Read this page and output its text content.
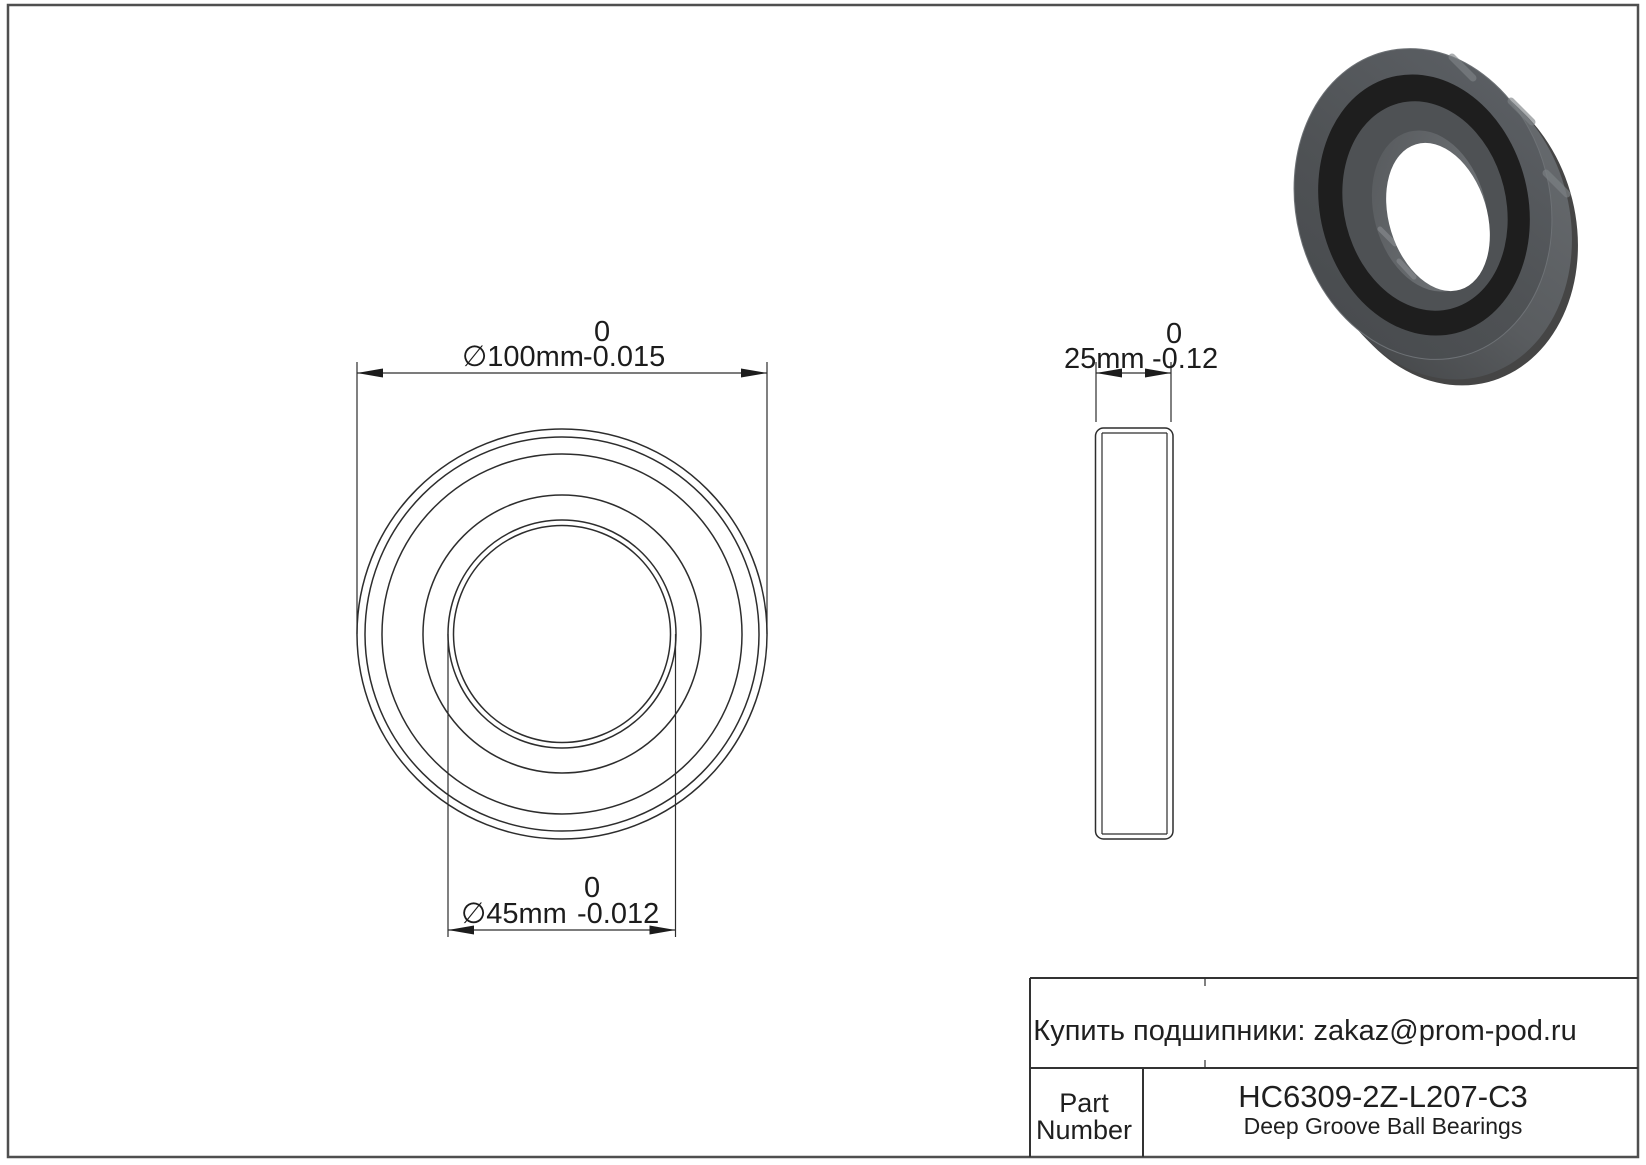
∅100mm -0.015
0
∅45mm -0.012
0
25mm -0.12
0
Купить подшипники: zakaz@prom-pod.ru
Part
Number
HC6309-2Z-L207-C3
Deep Groove Ball Bearings
